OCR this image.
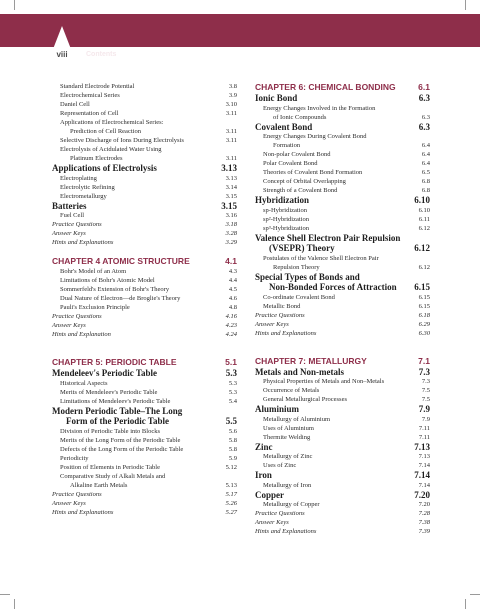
viii	Contents
Standard Electrode Potential	3.8
Electrochemical Series	3.9
Daniel Cell	3.10
Representation of Cell	3.11
Applications of Electrochemical Series:
Prediction of Cell Reaction	3.11
Selective Discharge of Ions During Electrolysis	3.11
Electrolysis of Acidulated Water Using
Platinum Electrodes	3.11
Applications of Electrolysis	3.13
Electroplating	3.13
Electrolytic Refining	3.14
Electrometallurgy	3.15
Batteries	3.15
Fuel Cell	3.16
Practice Questions	3.18
Answer Keys	3.28
Hints and Explanations	3.29
CHAPTER 4 ATOMIC STRUCTURE	4.1
Bohr's Model of an Atom	4.3
Limitations of Bohr's Atomic Model	4.4
Sommerfeld's Extension of Bohr's Theory	4.5
Dual Nature of Electron—de Broglie's Theory	4.6
Pauli's Exclusion Principle	4.8
Practice Questions	4.16
Answer Keys	4.23
Hints and Explanation	4.24
CHAPTER 5: PERIODIC TABLE	5.1
Mendeleev's Periodic Table	5.3
Historical Aspects	5.3
Merits of Mendeleev's Periodic Table	5.3
Limitations of Mendeleev's Periodic Table	5.4
Modern Periodic Table–The Long
Form of the Periodic Table	5.5
Division of Periodic Table into Blocks	5.6
Merits of the Long Form of the Periodic Table	5.8
Defects of the Long Form of the Periodic Table	5.8
Periodicity	5.9
Position of Elements in Periodic Table	5.12
Comparative Study of Alkali Metals and
Alkaline Earth Metals	5.13
Practice Questions	5.17
Answer Keys	5.26
Hints and Explanations	5.27
CHAPTER 6: CHEMICAL BONDING	6.1
Ionic Bond	6.3
Energy Changes Involved in the Formation
of Ionic Compounds	6.3
Covalent Bond	6.3
Energy Changes During Covalent Bond
Formation	6.4
Non-polar Covalent Bond	6.4
Polar Covalent Bond	6.4
Theories of Covalent Bond Formation	6.5
Concept of Orbital Overlapping	6.8
Strength of a Covalent Bond	6.8
Hybridization	6.10
sp-Hybridization	6.10
sp²-Hybridization	6.11
sp³-Hybridization	6.12
Valence Shell Electron Pair Repulsion
(VSEPR) Theory	6.12
Postulates of the Valence Shell Electron Pair
Repulsion Theory	6.12
Special Types of Bonds and
Non-Bonded Forces of Attraction	6.15
Co-ordinate Covalent Bond	6.15
Metallic Bond	6.15
Practice Questions	6.18
Answer Keys	6.29
Hints and Explanations	6.30
CHAPTER 7: METALLURGY	7.1
Metals and Non-metals	7.3
Physical Properties of Metals and Non–Metals	7.3
Occurrence of Metals	7.5
General Metallurgical Processes	7.5
Aluminium	7.9
Metallurgy of Aluminium	7.9
Uses of Aluminium	7.11
Thermite Welding	7.11
Zinc	7.13
Metallurgy of Zinc	7.13
Uses of Zinc	7.14
Iron	7.14
Metallurgy of Iron	7.14
Copper	7.20
Metallurgy of Copper	7.20
Practice Questions	7.28
Answer Keys	7.38
Hints and Explanations	7.39
